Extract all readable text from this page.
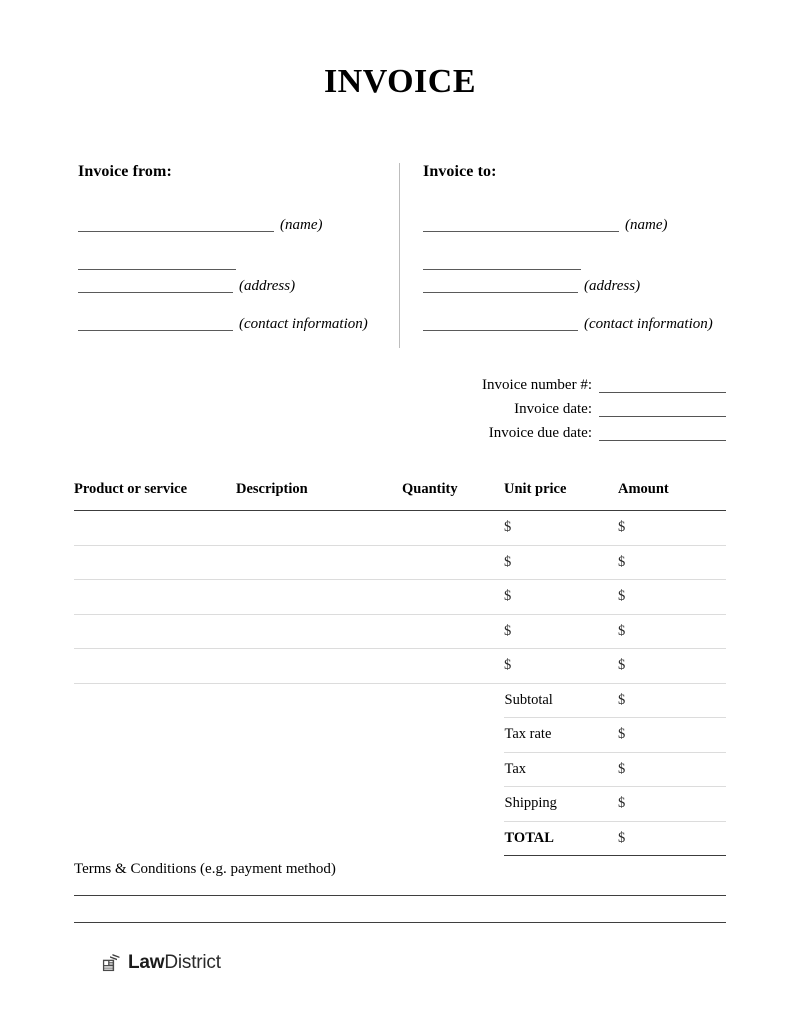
INVOICE
Invoice from:
(name)
(address)
(contact information)
Invoice to:
(name)
(address)
(contact information)
Invoice number #:
Invoice date:
Invoice due date:
Product or service	Description	Quantity	Unit price	Amount
			$	$
			$	$
			$	$
			$	$
			$	$
			Subtotal	$
			Tax rate	$
			Tax	$
			Shipping	$
			TOTAL	$
Terms & Conditions (e.g. payment method)
LawDistrict
